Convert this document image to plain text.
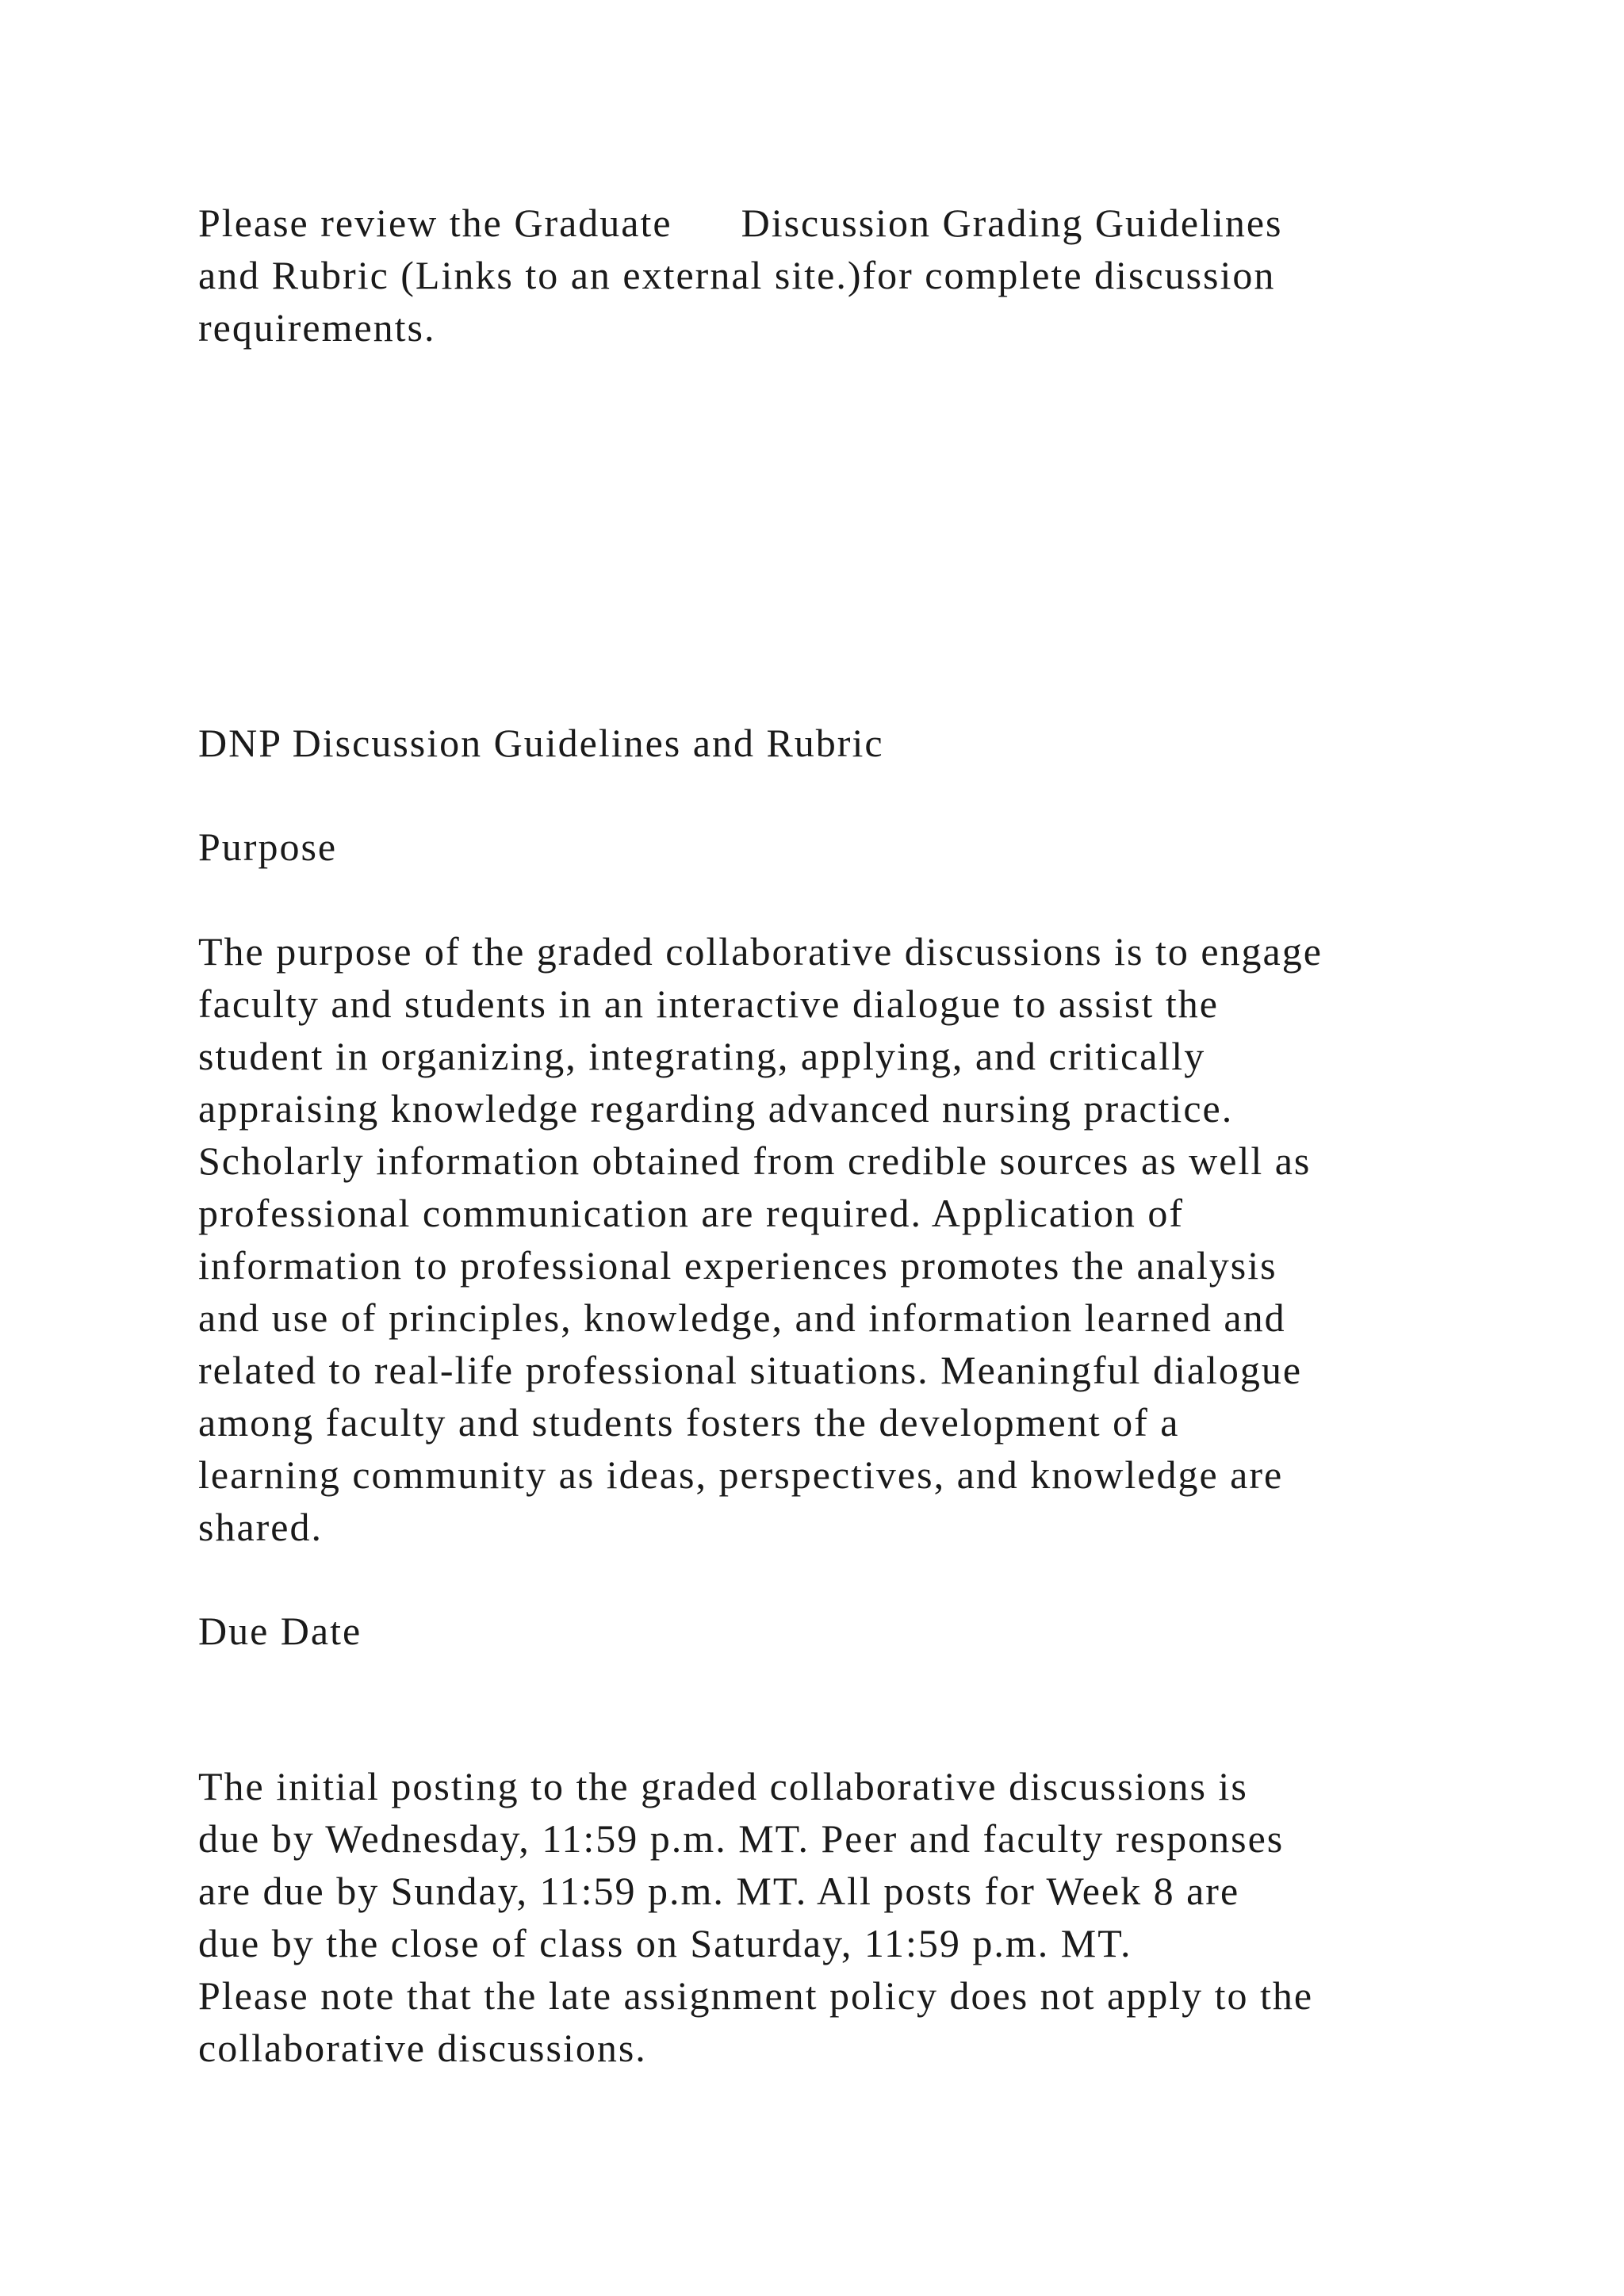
Please review the Graduate      Discussion Grading Guidelines
and Rubric (Links to an external site.)for complete discussion
requirements.
DNP Discussion Guidelines and Rubric
Purpose
The purpose of the graded collaborative discussions is to engage
faculty and students in an interactive dialogue to assist the
student in organizing, integrating, applying, and critically
appraising knowledge regarding advanced nursing practice.
Scholarly information obtained from credible sources as well as
professional communication are required. Application of
information to professional experiences promotes the analysis
and use of principles, knowledge, and information learned and
related to real-life professional situations. Meaningful dialogue
among faculty and students fosters the development of a
learning community as ideas, perspectives, and knowledge are
shared.
Due Date
The initial posting to the graded collaborative discussions is
due by Wednesday, 11:59 p.m. MT. Peer and faculty responses
are due by Sunday, 11:59 p.m. MT. All posts for Week 8 are
due by the close of class on Saturday, 11:59 p.m. MT.
Please note that the late assignment policy does not apply to the
collaborative discussions.
